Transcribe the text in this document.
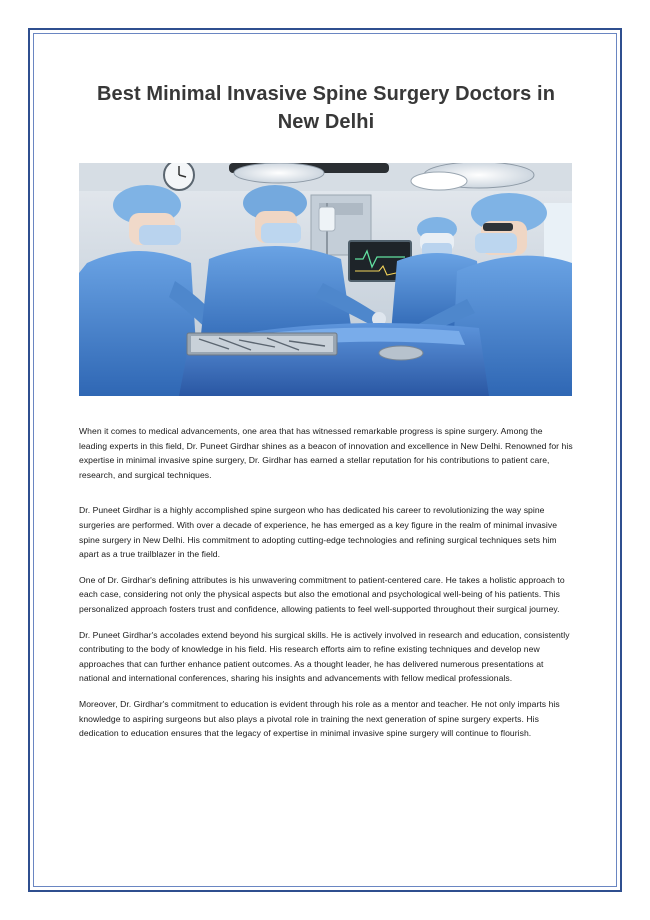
Best Minimal Invasive Spine Surgery Doctors in New Delhi

When it comes to medical advancements, one area that has witnessed remarkable progress is spine surgery. Among the leading experts in this field, Dr. Puneet Girdhar shines as a beacon of innovation and excellence in New Delhi. Renowned for his expertise in minimal invasive spine surgery, Dr. Girdhar has earned a stellar reputation for his contributions to patient care, research, and surgical techniques.

Dr. Puneet Girdhar is a highly accomplished spine surgeon who has dedicated his career to revolutionizing the way spine surgeries are performed. With over a decade of experience, he has emerged as a key figure in the realm of minimal invasive spine surgery in New Delhi. His commitment to adopting cutting-edge technologies and refining surgical techniques sets him apart as a true trailblazer in the field.

One of Dr. Girdhar's defining attributes is his unwavering commitment to patient-centered care. He takes a holistic approach to each case, considering not only the physical aspects but also the emotional and psychological well-being of his patients. This personalized approach fosters trust and confidence, allowing patients to feel well-supported throughout their surgical journey.

Dr. Puneet Girdhar's accolades extend beyond his surgical skills. He is actively involved in research and education, consistently contributing to the body of knowledge in his field. His research efforts aim to refine existing techniques and develop new approaches that can further enhance patient outcomes. As a thought leader, he has delivered numerous presentations at national and international conferences, sharing his insights and advancements with fellow medical professionals.

Moreover, Dr. Girdhar's commitment to education is evident through his role as a mentor and teacher. He not only imparts his knowledge to aspiring surgeons but also plays a pivotal role in training the next generation of spine surgery experts. His dedication to education ensures that the legacy of expertise in minimal invasive spine surgery will continue to flourish.
